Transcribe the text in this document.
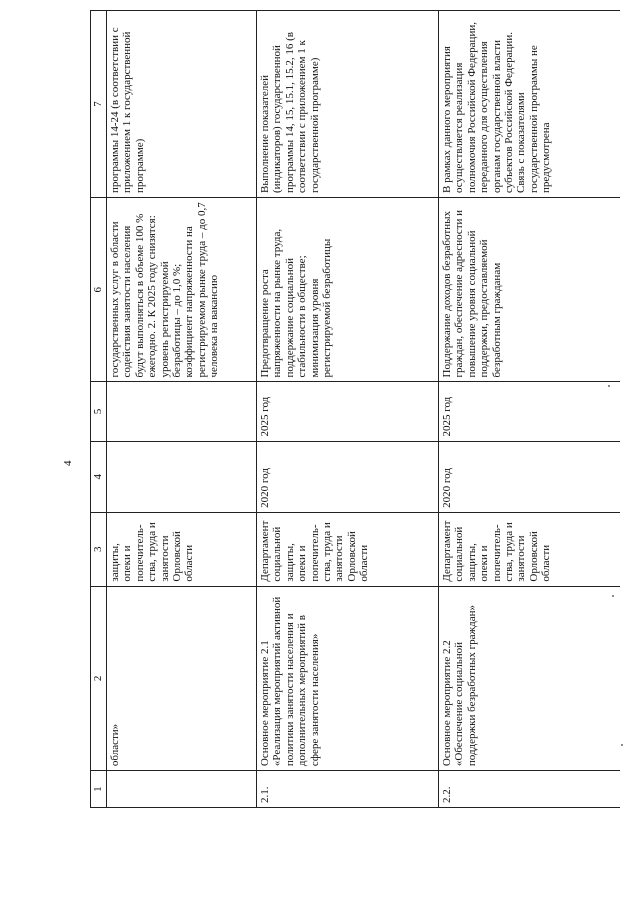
4
1	2	3	4	5	6	7
	области»	защиты, опеки и попечитель-ства, труда и занятости Орловской области			государственных услуг в области содействия занятости населения будут выполняться в объеме 100 % ежегодно. 2. К 2025 году снизятся: уровень регистрируемой безработицы – до 1,0 %; коэффициент напряженности на регистрируемом рынке труда – до 0,7 человека на вакансию	программы 14-24 (в соответствии с приложением 1 к государственной программе)
2.1.	Основное мероприятие 2.1 «Реализация мероприятий активной политики занятости населения и дополнительных мероприятий в сфере занятости населения»	Департамент социальной защиты, опеки и попечитель-ства, труда и занятости Орловской области	2020 год	2025 год	Предотвращение роста напряженности на рынке труда, поддержание социальной стабильности в обществе; минимизация уровня регистрируемой безработицы	Выполнение показателей (индикаторов) государственной программы 14, 15, 15.1, 15.2, 16 (в соответствии с приложением 1 к государственной программе)
2.2.	Основное мероприятие 2.2 «Обеспечение социальной поддержки безработных граждан»	Департамент социальной защиты, опеки и попечитель-ства, труда и занятости Орловской области	2020 год	2025 год	Поддержание доходов безработных граждан, обеспечение адресности и повышение уровня социальной поддержки, предоставляемой безработным гражданам	В рамках данного мероприятия осуществляется реализация полномочия Российской Федерации, переданного для осуществления органам государственной власти субъектов Российской Федерации. Связь с показателями государственной программы не предусмотрена
